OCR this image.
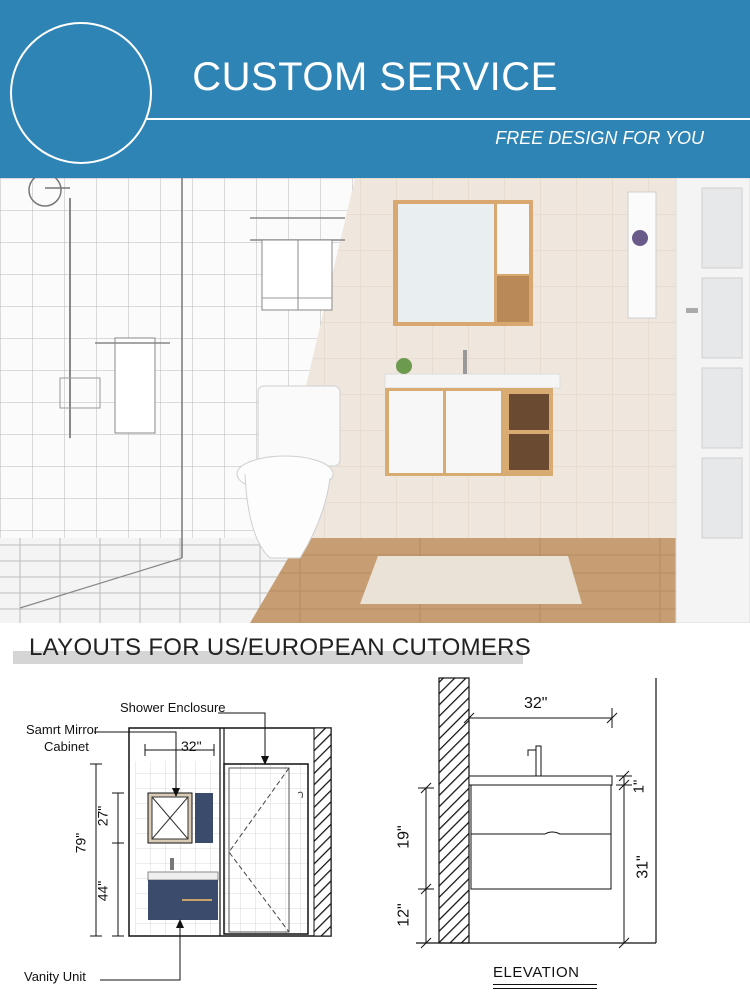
CUSTOM SERVICE
FREE DESIGN FOR YOU
LAYOUTS FOR US/EUROPEAN CUTOMERS
Shower Enclosure
Samrt Mirror
Cabinet
Vanity Unit
32"
79"
27"
44"
32"
1"
19"
12"
31"
ELEVATION
